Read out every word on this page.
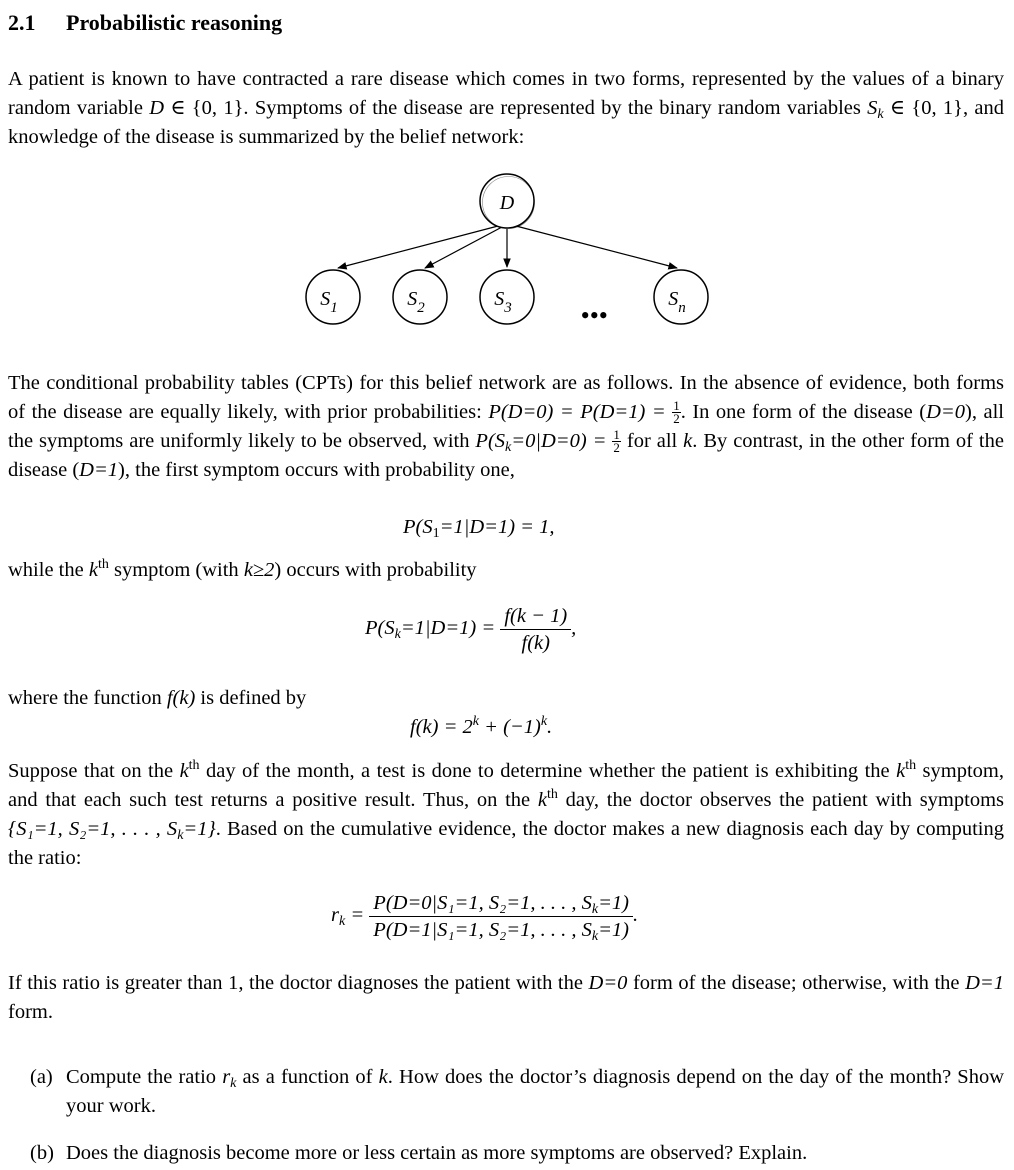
2.1 Probabilistic reasoning
A patient is known to have contracted a rare disease which comes in two forms, represented by the values of a binary random variable D ∈ {0, 1}. Symptoms of the disease are represented by the binary random variables $S_k$ ∈ {0, 1}, and knowledge of the disease is summarized by the belief network:
D
$S_1$	$S_2$	$S_3$	•••
$S_n$
The conditional probability tables (CPTs) for this belief network are as follows. In the absence of evidence, both forms of the disease are equally likely, with prior probabilities: $P(D=0) = P(D=1) = \frac{1}{2}$ . In one form of the disease (D=0), all the symptoms are uniformly likely to be observed, with $P(S_k=0|D=0) = \frac{1}{2}$ for all k. By contrast, in the other form of the disease (D=1), the first symptom occurs with probability one,
$P(S_1=1|D=1) = 1$,
while the $k^{th}$ symptom (with k≥2) occurs with probability
$P(S_k=1|D=1) = \frac{f(k - 1)}{f(k)}$ ,
where the function f(k) is defined by
$f(k) = 2^k + (-1)^k$.
Suppose that on the $k^{th}$ day of the month, a test is done to determine whether the patient is exhibiting the $k^{th}$ symptom, and that each such test returns a positive result. Thus, on the $k^{th}$ day, the doctor observes the patient with symptoms {S₁=1, S₂=1, . . . , $S_k=1$}. Based on the cumulative evidence, the doctor makes a new diagnosis each day by computing the ratio:
$r_k = \frac{P(D=0|S_1=1, S_2=1, . . . , S_k=1)}{P(D=1|S_1=1, S_2=1, . . . , S_k=1)}$ .
If this ratio is greater than 1, the doctor diagnoses the patient with the D=0 form of the disease; otherwise, with the D=1 form.
(a) Compute the ratio $r_k$ as a function of k. How does the doctor’s diagnosis depend on the day of the month? Show your work.
(b) Does the diagnosis become more or less certain as more symptoms are observed? Explain.
